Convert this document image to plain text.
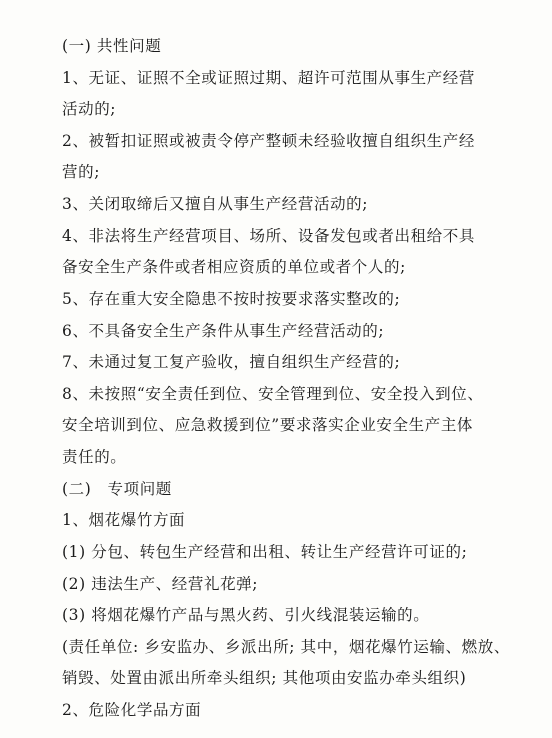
(一) 共性问题
1、无证、证照不全或证照过期、超许可范围从事生产经营
活动的;
2、被暂扣证照或被责令停产整顿未经验收擅自组织生产经
营的;
3、关闭取缔后又擅自从事生产经营活动的;
4、非法将生产经营项目、场所、设备发包或者出租给不具
备安全生产条件或者相应资质的单位或者个人的;
5、存在重大安全隐患不按时按要求落实整改的;
6、不具备安全生产条件从事生产经营活动的;
7、未通过复工复产验收，擅自组织生产经营的;
8、未按照“安全责任到位、安全管理到位、安全投入到位、
安全培训到位、应急救援到位”要求落实企业安全生产主体
责任的。
(二)　专项问题
1、烟花爆竹方面
(1) 分包、转包生产经营和出租、转让生产经营许可证的;
(2) 违法生产、经营礼花弹;
(3) 将烟花爆竹产品与黑火药、引火线混装运输的。
(责任单位: 乡安监办、乡派出所; 其中，烟花爆竹运输、燃放、
销毁、处置由派出所牵头组织; 其他项由安监办牵头组织)
2、危险化学品方面
